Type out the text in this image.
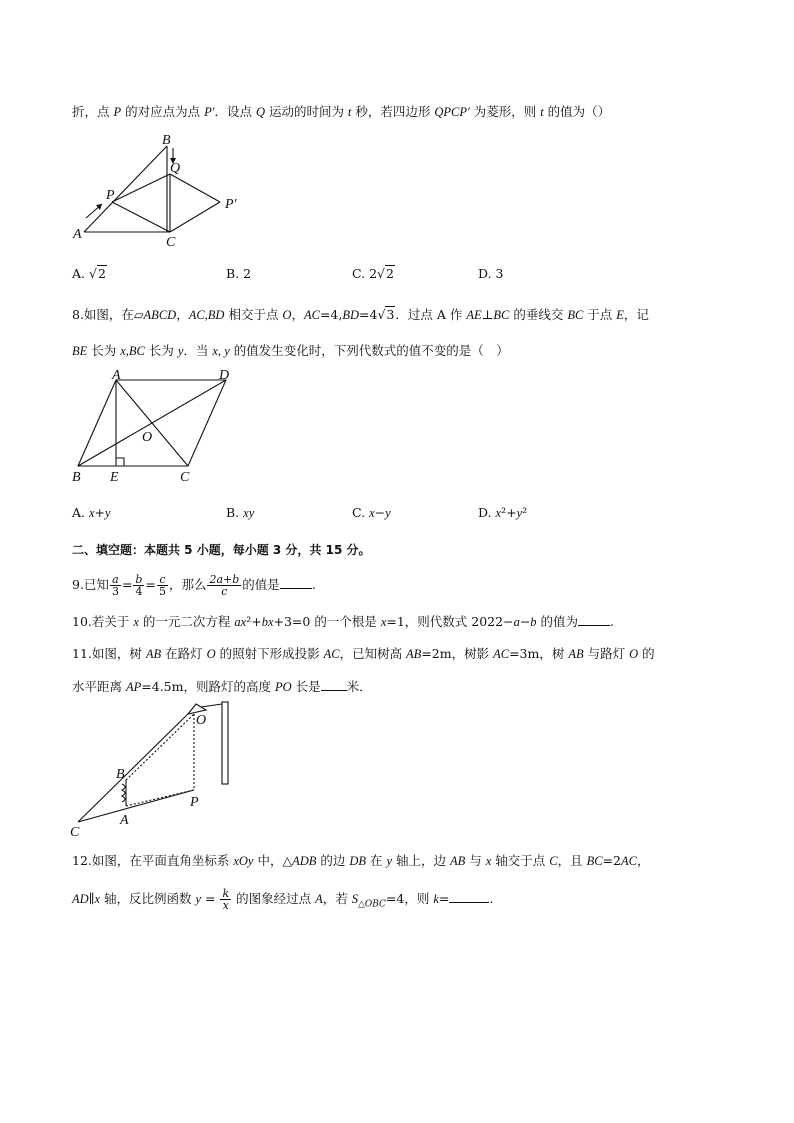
折，点 P 的对应点为点 P′．设点 Q 运动的时间为 t 秒，若四边形 QPCP′ 为菱形，则 t 的值为（）
A
B
C
P
Q
P′
A. √2	B. 2	C. 2√2	D. 3
8.如图，在▱ABCD，AC,BD 相交于点 O，AC=4,BD=4√3．过点 A 作 AE⊥BC 的垂线交 BC 于点 E，记
BE 长为 x,BC 长为 y．当 x, y 的值发生变化时，下列代数式的值不变的是（　）
A	D
O
B E	C
A. x+y	B. xy	C. x−y	D. x²+y²
二、填空题：本题共 5 小题，每小题 3 分，共 15 分。
9.已知 $\frac{a}{3} = \frac{b}{4} = \frac{c}{5}$ ，那么 $\frac{2a+b}{c}$ 的值是	.
10.若关于 x 的一元二次方程 ax²+bx+3=0 的一个根是 x=1，则代数式 2022−a−b 的值为	.
11.如图，树 AB 在路灯 O 的照射下形成投影 AC，已知树高 AB=2m，树影 AC=3m，树 AB 与路灯 O 的
水平距离 AP=4.5m，则路灯的高度 PO 长是 米．
O
B
P
A
C
12.如图，在平面直角坐标系 xOy 中，△ADB 的边 DB 在 y 轴上，边 AB 与 x 轴交于点 C，且 BC=2AC，
AD∥x 轴，反比例函数 $y = \frac{k}{x}$ 的图象经过点 A，若 $S_{\triangle OBC}=4$，则 k=	.
